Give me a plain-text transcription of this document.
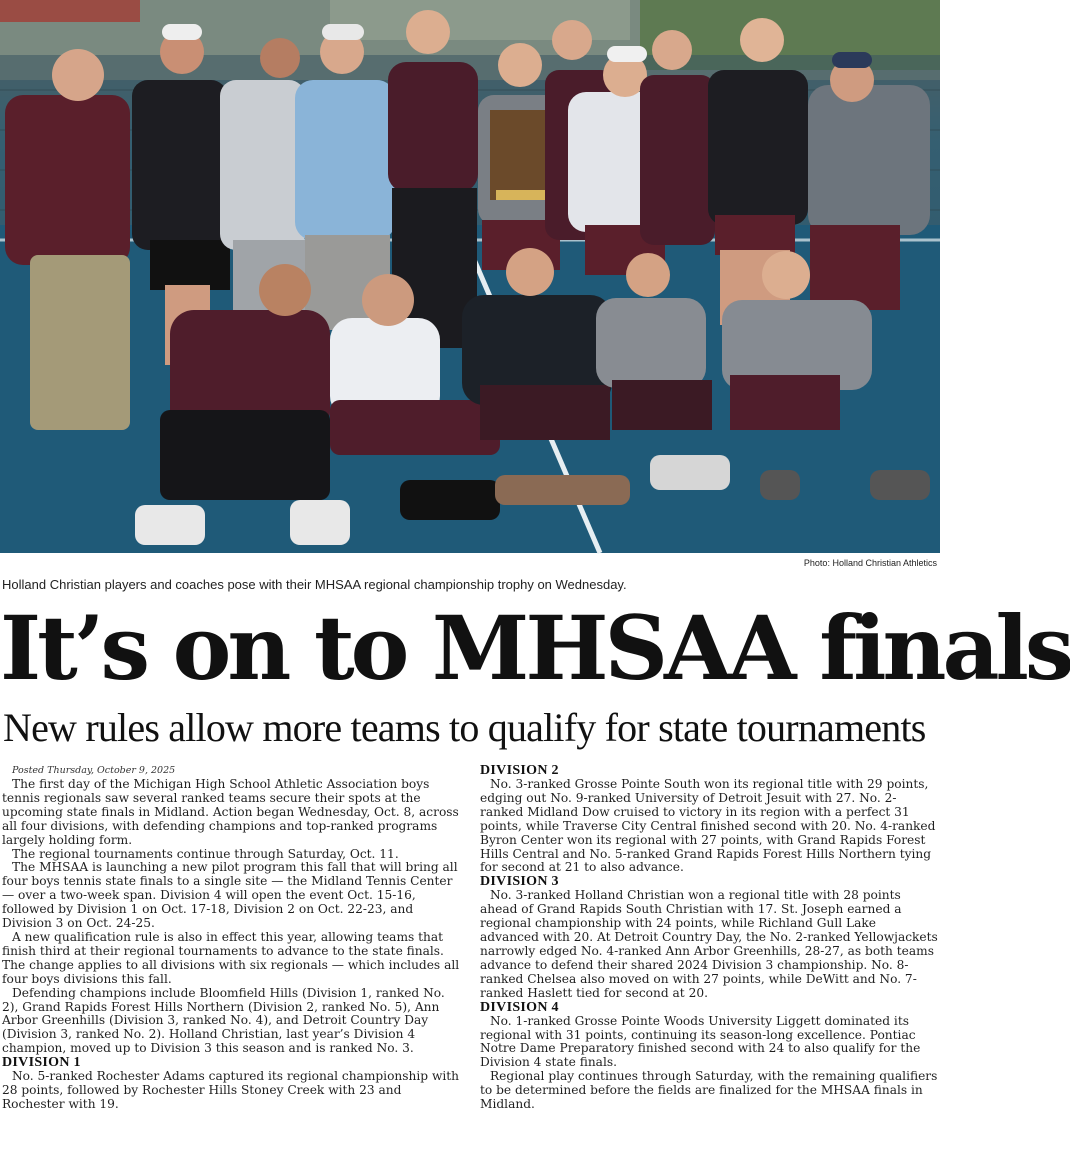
Photo: Holland Christian Athletics
Holland Christian players and coaches pose with their MHSAA regional championship trophy on Wednesday.
It’s on to MHSAA finals
New rules allow more teams to qualify for state tournaments

Posted Thursday, October 9, 2025

The first day of the Michigan High School Athletic Association boys tennis regionals saw several ranked teams secure their spots at the upcoming state finals in Midland. Action began Wednesday, Oct. 8, across all four divisions, with defending champions and top-ranked programs largely holding form.

The regional tournaments continue through Saturday, Oct. 11.

The MHSAA is launching a new pilot program this fall that will bring all four boys tennis state finals to a single site — the Midland Tennis Center — over a two-week span. Division 4 will open the event Oct. 15-16, followed by Division 1 on Oct. 17-18, Division 2 on Oct. 22-23, and Division 3 on Oct. 24-25.

A new qualification rule is also in effect this year, allowing teams that finish third at their regional tournaments to advance to the state finals. The change applies to all divisions with six regionals — which includes all four boys divisions this fall.

Defending champions include Bloomfield Hills (Division 1, ranked No. 2), Grand Rapids Forest Hills Northern (Division 2, ranked No. 5), Ann Arbor Greenhills (Division 3, ranked No. 4), and Detroit Country Day (Division 3, ranked No. 2). Holland Christian, last year’s Division 4 champion, moved up to Division 3 this season and is ranked No. 3.

DIVISION 1

No. 5-ranked Rochester Adams captured its regional championship with 28 points, followed by Rochester Hills Stoney Creek with 23 and Rochester with 19.

DIVISION 2

No. 3-ranked Grosse Pointe South won its regional title with 29 points, edging out No. 9-ranked University of Detroit Jesuit with 27. No. 2-ranked Midland Dow cruised to victory in its region with a perfect 31 points, while Traverse City Central finished second with 20. No. 4-ranked Byron Center won its regional with 27 points, with Grand Rapids Forest Hills Central and No. 5-ranked Grand Rapids Forest Hills Northern tying for second at 21 to also advance.

DIVISION 3

No. 3-ranked Holland Christian won a regional title with 28 points ahead of Grand Rapids South Christian with 17. St. Joseph earned a regional championship with 24 points, while Richland Gull Lake advanced with 20. At Detroit Country Day, the No. 2-ranked Yellowjackets narrowly edged No. 4-ranked Ann Arbor Greenhills, 28-27, as both teams advance to defend their shared 2024 Division 3 championship. No. 8-ranked Chelsea also moved on with 27 points, while DeWitt and No. 7-ranked Haslett tied for second at 20.

DIVISION 4

No. 1-ranked Grosse Pointe Woods University Liggett dominated its regional with 31 points, continuing its season-long excellence. Pontiac Notre Dame Preparatory finished second with 24 to also qualify for the Division 4 state finals.

Regional play continues through Saturday, with the remaining qualifiers to be determined before the fields are finalized for the MHSAA finals in Midland.
